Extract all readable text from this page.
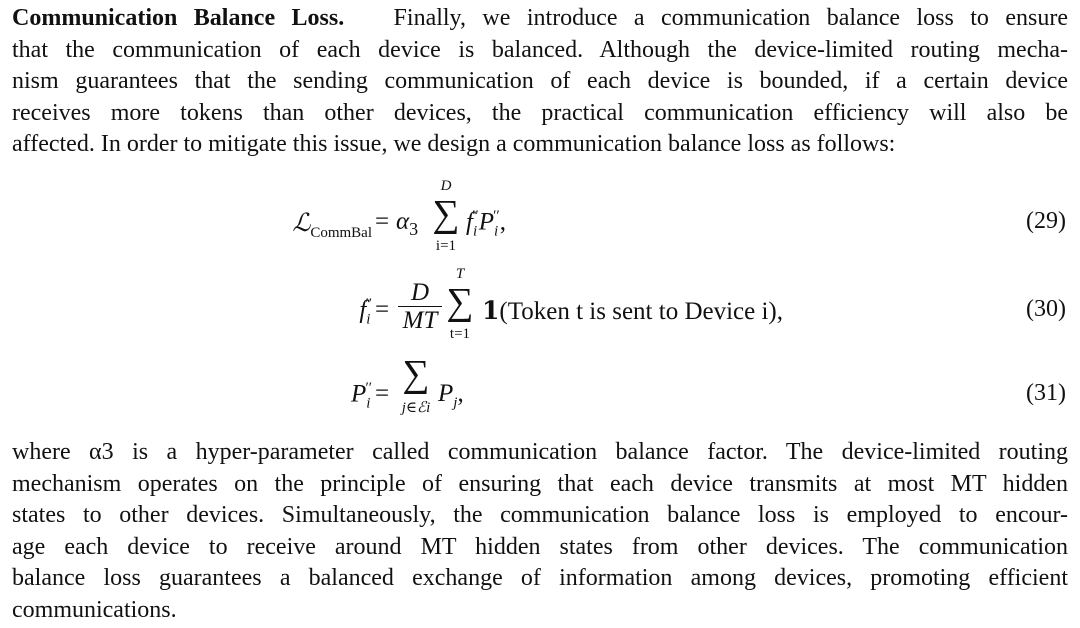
Communication Balance Loss. Finally, we introduce a communication balance loss to ensure
that the communication of each device is balanced. Although the device-limited routing mecha-
nism guarantees that the sending communication of each device is bounded, if a certain device
receives more tokens than other devices, the practical communication efficiency will also be
affected. In order to mitigate this issue, we design a communication balance loss as follows:
ℒ$_{CommBal}$ = $\alpha_3$
D
∑
i=1
$f_i''P_i''$,	(29)
$f_i'' = \frac{D}{MT}$
T
∑
t=1
1(Token t is sent to Device i),	(30)
$P_i''$ = ∑
j∈ℰi
$P_j$,	(31)
where α3 is a hyper-parameter called communication balance factor. The device-limited routing
mechanism operates on the principle of ensuring that each device transmits at most MT hidden
states to other devices. Simultaneously, the communication balance loss is employed to encour-
age each device to receive around MT hidden states from other devices. The communication
balance loss guarantees a balanced exchange of information among devices, promoting efficient
communications.
